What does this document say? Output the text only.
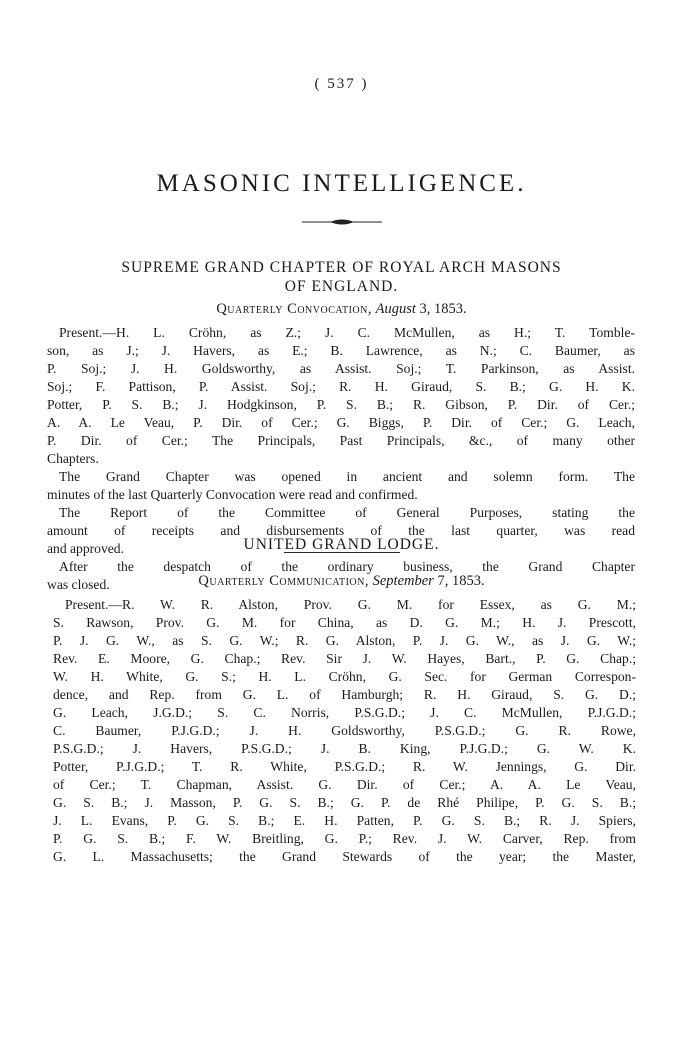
( 537 )
MASONIC INTELLIGENCE.
SUPREME GRAND CHAPTER OF ROYAL ARCH MASONS
OF ENGLAND.
Quarterly Convocation, August 3, 1853.
Present.—H. L. Cröhn, as Z.; J. C. McMullen, as H.; T. Tomble-
son, as J.; J. Havers, as E.; B. Lawrence, as N.; C. Baumer, as
P. Soj.; J. H. Goldsworthy, as Assist. Soj.; T. Parkinson, as Assist.
Soj.; F. Pattison, P. Assist. Soj.; R. H. Giraud, S. B.; G. H. K.
Potter, P. S. B.; J. Hodgkinson, P. S. B.; R. Gibson, P. Dir. of Cer.;
A. A. Le Veau, P. Dir. of Cer.; G. Biggs, P. Dir. of Cer.; G. Leach,
P. Dir. of Cer.; The Principals, Past Principals, &c., of many other
Chapters.
The Grand Chapter was opened in ancient and solemn form. The
minutes of the last Quarterly Convocation were read and confirmed.
The Report of the Committee of General Purposes, stating the
amount of receipts and disbursements of the last quarter, was read
and approved.
After the despatch of the ordinary business, the Grand Chapter
was closed.
UNITED GRAND LODGE.
Quarterly Communication, September 7, 1853.
Present.—R. W. R. Alston, Prov. G. M. for Essex, as G. M.;
S. Rawson, Prov. G. M. for China, as D. G. M.; H. J. Prescott,
P. J. G. W., as S. G. W.; R. G. Alston, P. J. G. W., as J. G. W.;
Rev. E. Moore, G. Chap.; Rev. Sir J. W. Hayes, Bart., P. G. Chap.;
W. H. White, G. S.; H. L. Cröhn, G. Sec. for German Correspon-
dence, and Rep. from G. L. of Hamburgh; R. H. Giraud, S. G. D.;
G. Leach, J.G.D.; S. C. Norris, P.S.G.D.; J. C. McMullen, P.J.G.D.;
C. Baumer, P.J.G.D.; J. H. Goldsworthy, P.S.G.D.; G. R. Rowe,
P.S.G.D.; J. Havers, P.S.G.D.; J. B. King, P.J.G.D.; G. W. K.
Potter, P.J.G.D.; T. R. White, P.S.G.D.; R. W. Jennings, G. Dir.
of Cer.; T. Chapman, Assist. G. Dir. of Cer.; A. A. Le Veau,
G. S. B.; J. Masson, P. G. S. B.; G. P. de Rhé Philipe, P. G. S. B.;
J. L. Evans, P. G. S. B.; E. H. Patten, P. G. S. B.; R. J. Spiers,
P. G. S. B.; F. W. Breitling, G. P.; Rev. J. W. Carver, Rep. from
G. L. Massachusetts; the Grand Stewards of the year; the Master,
